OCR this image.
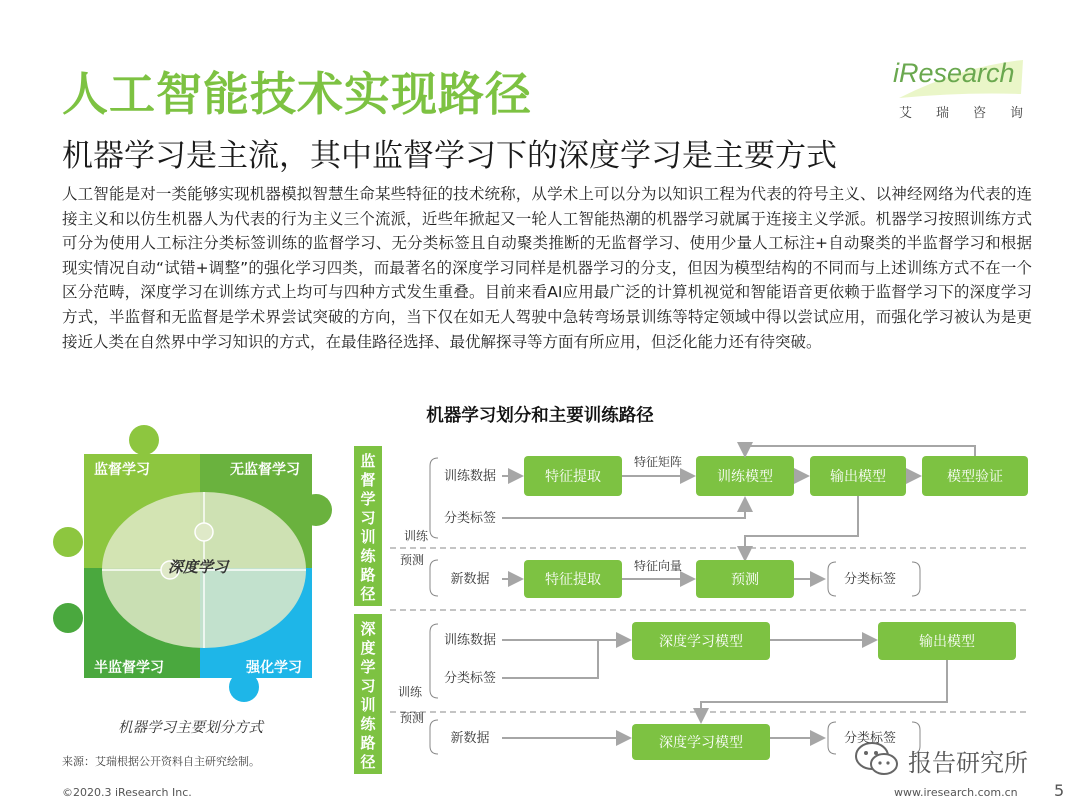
人工智能技术实现路径
机器学习是主流，其中监督学习下的深度学习是主要方式
iResearch
艾 瑞 咨 询
人工智能是对一类能够实现机器模拟智慧生命某些特征的技术统称，从学术上可以分为以知识工程为代表的符号主义、以神经网络为代表的连接主义和以仿生机器人为代表的行为主义三个流派，近些年掀起又一轮人工智能热潮的机器学习就属于连接主义学派。机器学习按照训练方式可分为使用人工标注分类标签训练的监督学习、无分类标签且自动聚类推断的无监督学习、使用少量人工标注+自动聚类的半监督学习和根据现实情况自动“试错+调整”的强化学习四类，而最著名的深度学习同样是机器学习的分支，但因为模型结构的不同而与上述训练方式不在一个区分范畴，深度学习在训练方式上均可与四种方式发生重叠。目前来看AI应用最广泛的计算机视觉和智能语音更依赖于监督学习下的深度学习方式，半监督和无监督是学术界尝试突破的方向，当下仅在如无人驾驶中急转弯场景训练等特定领域中得以尝试应用，而强化学习被认为是更接近人类在自然界中学习知识的方式，在最佳路径选择、最优解探寻等方面有所应用，但泛化能力还有待突破。
机器学习划分和主要训练路径
监督学习	无监督学习
半监督学习	强化学习
深度学习
机器学习主要划分方式
监
督
学
习
训
练
路
径
深
度
学
习
训
练
路
径
训练
训练数据
分类标签
特征提取
特征矩阵
训练模型	输出模型	模型验证
预测
新数据	特征提取
特征向量
预测	分类标签
训练
训练数据
分类标签
深度学习模型	输出模型
预测
新数据	深度学习模型	分类标签
来源：艾瑞根据公开资料自主研究绘制。	报告研究所
©2020.3 iResearch Inc.	www.iresearch.com.cn 5
